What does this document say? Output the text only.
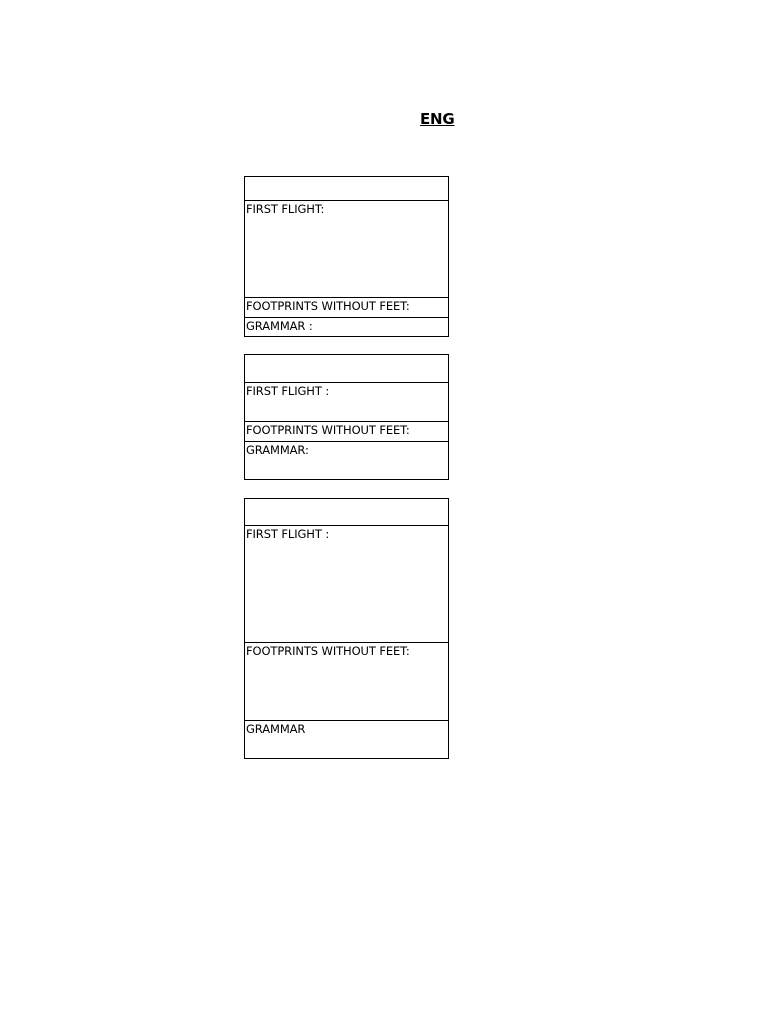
ENG

FIRST FLIGHT:
FOOTPRINTS WITHOUT FEET:
GRAMMAR :

FIRST FLIGHT :
FOOTPRINTS WITHOUT FEET:
GRAMMAR:

FIRST FLIGHT :
FOOTPRINTS WITHOUT FEET:
GRAMMAR
